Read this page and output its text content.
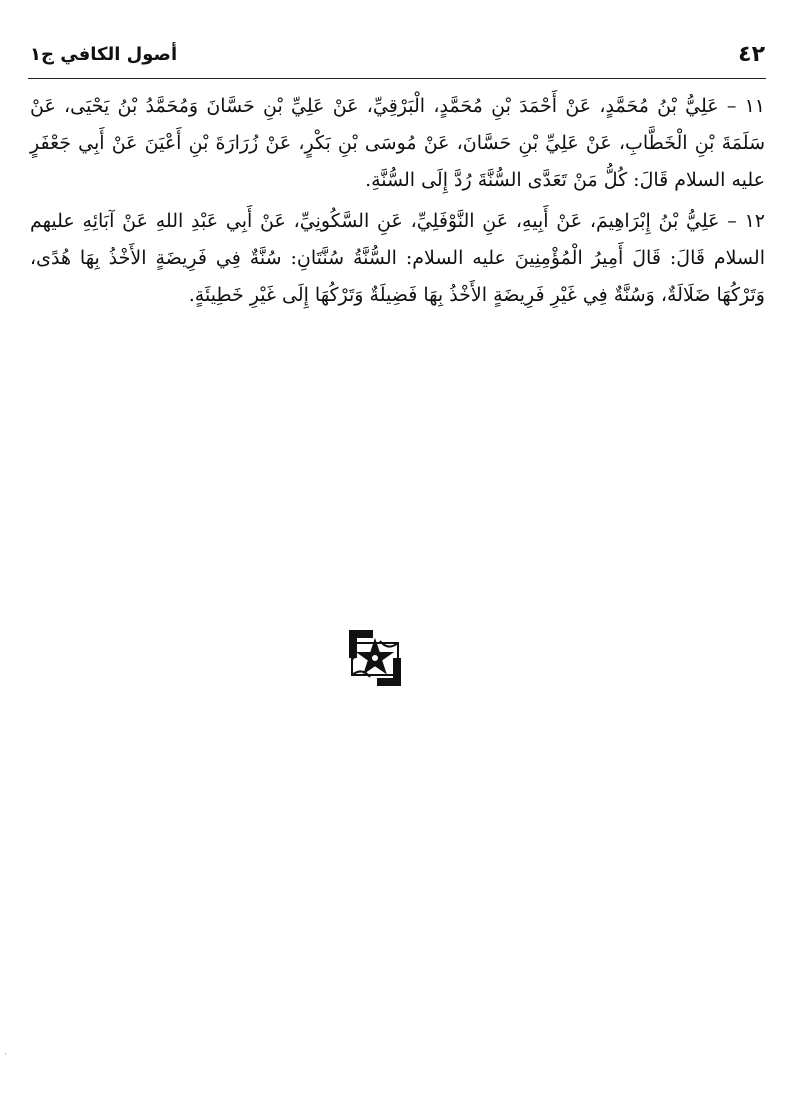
٤٢
أصول الكافي ج١

١١ – عَلِيُّ بْنُ مُحَمَّدٍ، عَنْ أَحْمَدَ بْنِ مُحَمَّدٍ، الْبَرْقِيِّ، عَنْ عَلِيِّ بْنِ حَسَّانَ وَمُحَمَّدُ بْنُ يَحْيَى، عَنْ سَلَمَةَ بْنِ الْخَطَّابِ، عَنْ عَلِيِّ بْنِ حَسَّانَ، عَنْ مُوسَى بْنِ بَكْرٍ، عَنْ زُرَارَةَ بْنِ أَعْيَنَ عَنْ أَبِي جَعْفَرٍ عليه السلام قَالَ: كُلُّ مَنْ تَعَدَّى السُّنَّةَ رُدَّ إِلَى السُّنَّةِ.

١٢ – عَلِيُّ بْنُ إِبْرَاهِيمَ، عَنْ أَبِيهِ، عَنِ النَّوْفَلِيِّ، عَنِ السَّكُونِيِّ، عَنْ أَبِي عَبْدِ اللهِ عَنْ آبَائِهِ عليهم السلام قَالَ: قَالَ أَمِيرُ الْمُؤْمِنِينَ عليه السلام: السُّنَّةُ سُنَّتَانِ: سُنَّةٌ فِي فَرِيضَةٍ الأَخْذُ بِهَا هُدًى، وَتَرْكُهَا ضَلَالَةٌ، وَسُنَّةٌ فِي غَيْرِ فَرِيضَةٍ الأَخْذُ بِهَا فَضِيلَةٌ وَتَرْكُهَا إِلَى غَيْرِ خَطِيئَةٍ.

·
